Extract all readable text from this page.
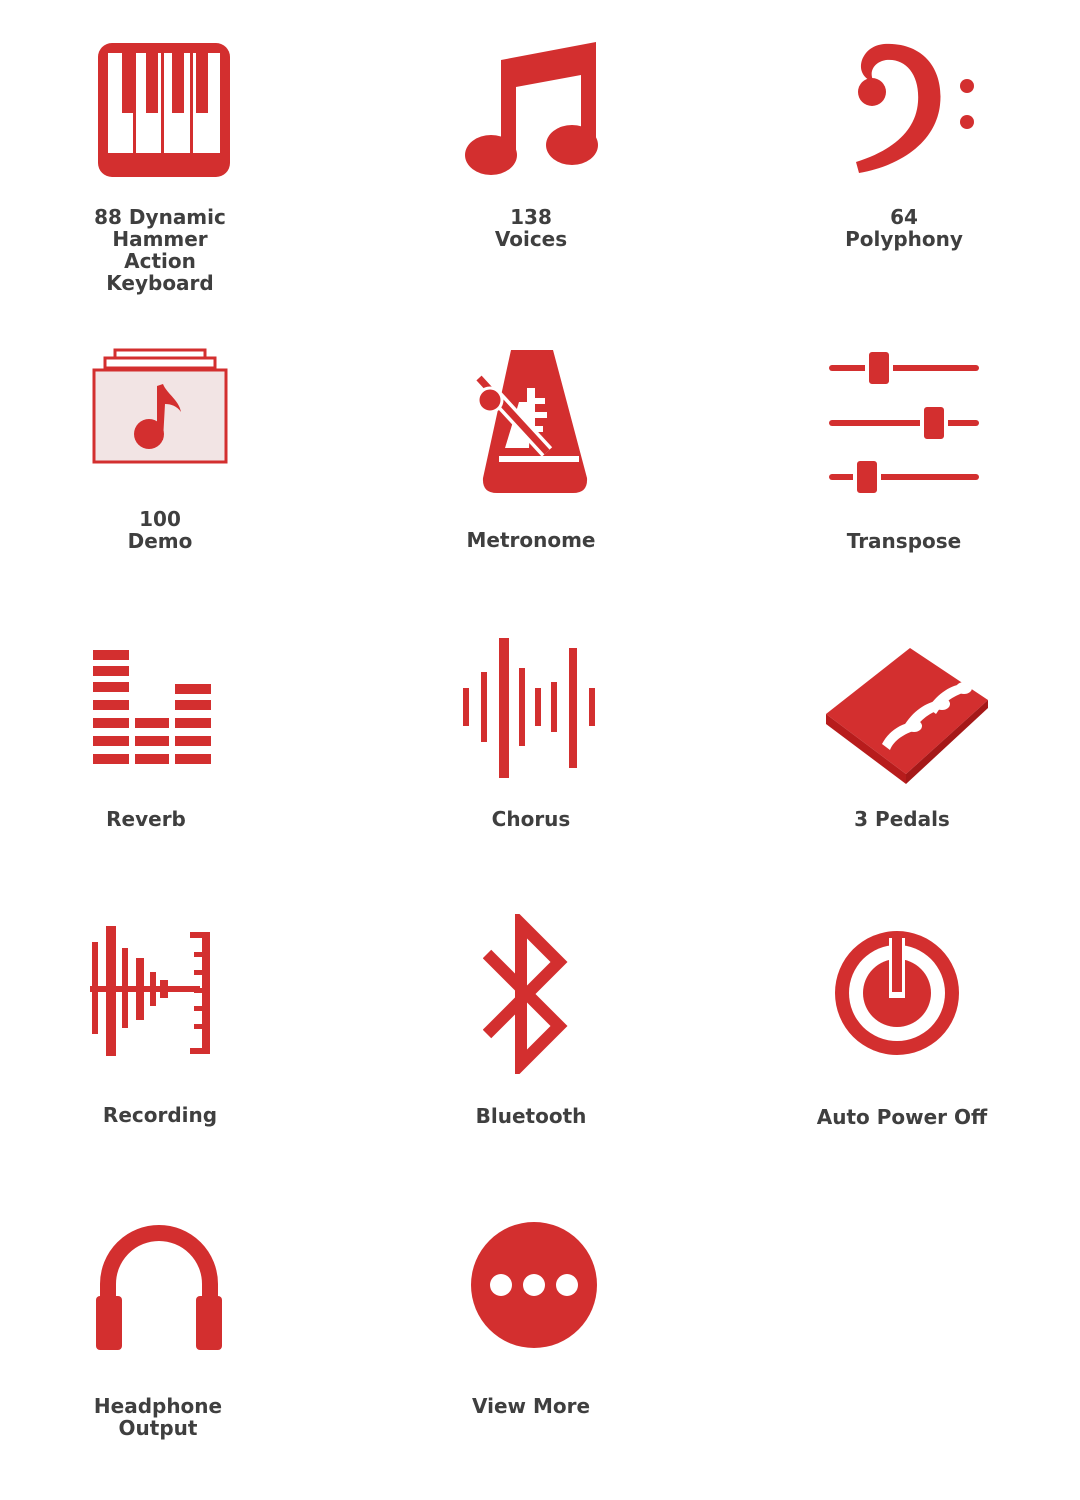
88 Dynamic
Hammer
Action
Keyboard
138
Voices
64
Polyphony
100
Demo	Metronome	Transpose
Reverb	Chorus	3 Pedals
Recording	Bluetooth	Auto Power Off
Headphone
Output
View More
